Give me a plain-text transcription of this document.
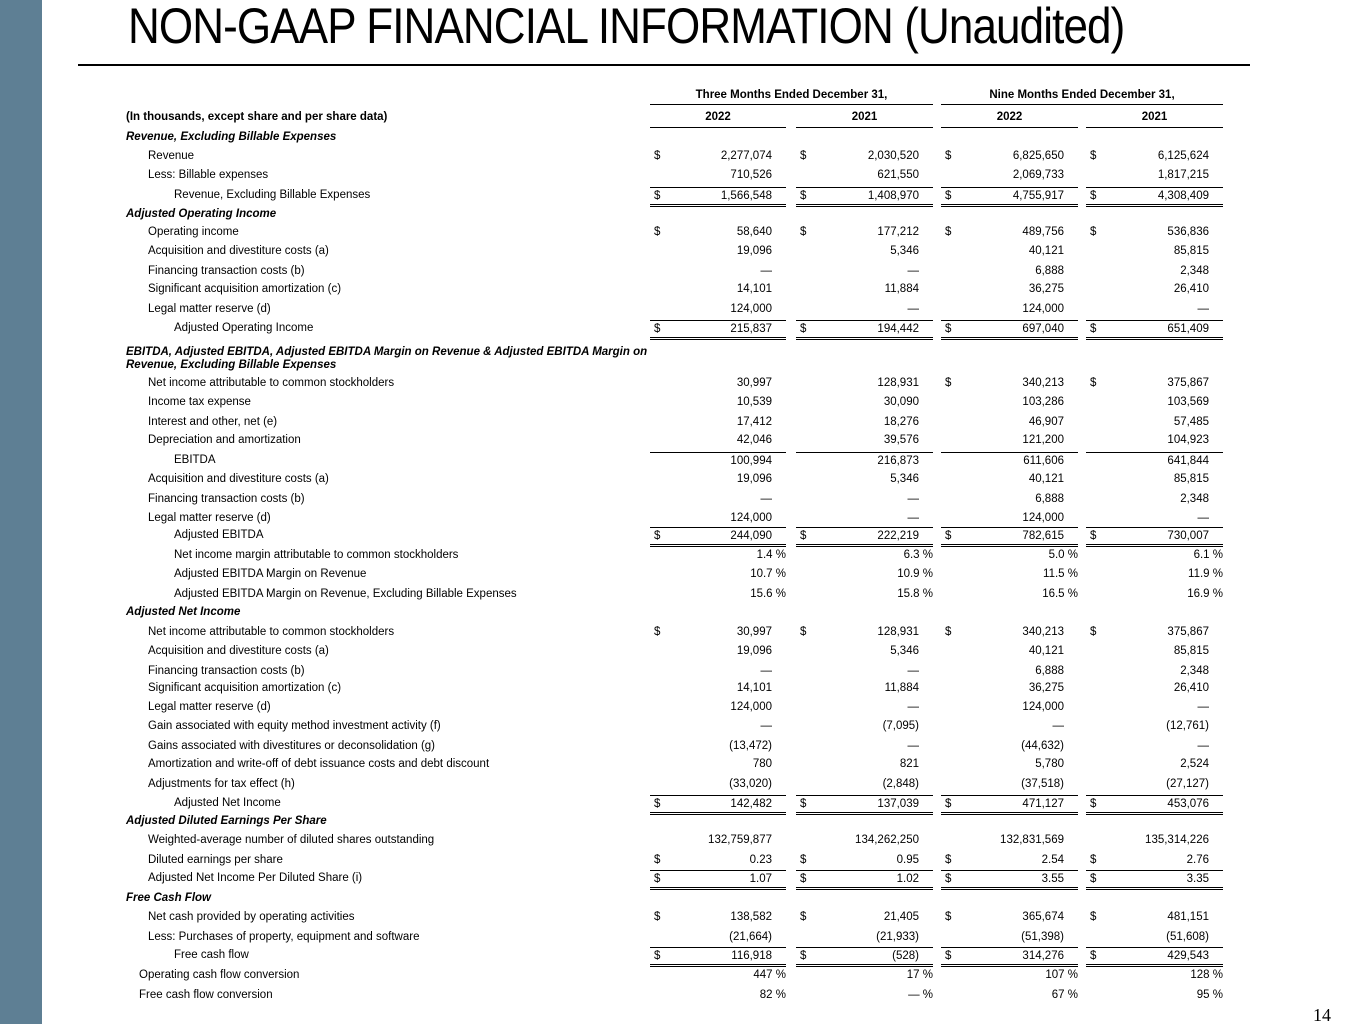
NON-GAAP FINANCIAL INFORMATION (Unaudited)
Three Months Ended December 31,	Nine Months Ended December 31,
(In thousands, except share and per share data)	2022	2021	2022	2021
Revenue, Excluding Billable Expenses
Revenue	$	2,277,074 $	2,030,520 $	6,825,650 $	6,125,624
Less: Billable expenses	710,526	621,550	2,069,733	1,817,215
Revenue, Excluding Billable Expenses	$	1,566,548 $	1,408,970 $	4,755,917 $	4,308,409
Adjusted Operating Income
Operating income	$	58,640 $	177,212 $	489,756 $	536,836
Acquisition and divestiture costs (a)	19,096	5,346	40,121	85,815
Financing transaction costs (b)	—	—	6,888	2,348
Significant acquisition amortization (c)	14,101	11,884	36,275	26,410
Legal matter reserve (d)	124,000	—	124,000	—
Adjusted Operating Income	$	215,837 $	194,442 $	697,040 $	651,409
EBITDA, Adjusted EBITDA, Adjusted EBITDA Margin on Revenue & Adjusted EBITDA Margin on
Revenue, Excluding Billable Expenses
Net income attributable to common stockholders	30,997	128,931 $	340,213 $	375,867
Income tax expense	10,539	30,090	103,286	103,569
Interest and other, net (e)	17,412	18,276	46,907	57,485
Depreciation and amortization	42,046	39,576	121,200	104,923
EBITDA	100,994	216,873	611,606	641,844
Acquisition and divestiture costs (a)	19,096	5,346	40,121	85,815
Financing transaction costs (b)	—	—	6,888	2,348
Legal matter reserve (d)	124,000	—	124,000	—
Adjusted EBITDA	$	244,090 $	222,219 $	782,615 $	730,007
Net income margin attributable to common stockholders	1.4 %	6.3 %	5.0 %	6.1 %
Adjusted EBITDA Margin on Revenue	10.7 %	10.9 %	11.5 %	11.9 %
Adjusted EBITDA Margin on Revenue, Excluding Billable Expenses	15.6 %	15.8 %	16.5 %	16.9 %
Adjusted Net Income
Net income attributable to common stockholders	$	30,997 $	128,931 $	340,213 $	375,867
Acquisition and divestiture costs (a)	19,096	5,346	40,121	85,815
Financing transaction costs (b)	—	—	6,888	2,348
Significant acquisition amortization (c)	14,101	11,884	36,275	26,410
Legal matter reserve (d)	124,000	—	124,000	—
Gain associated with equity method investment activity (f)	—	(7,095)	—	(12,761)
Gains associated with divestitures or deconsolidation (g)	(13,472)	—	(44,632)	—
Amortization and write-off of debt issuance costs and debt discount	780	821	5,780	2,524
Adjustments for tax effect (h)	(33,020)	(2,848)	(37,518)	(27,127)
Adjusted Net Income	$	142,482 $	137,039 $	471,127 $	453,076
Adjusted Diluted Earnings Per Share
Weighted-average number of diluted shares outstanding	132,759,877	134,262,250	132,831,569	135,314,226
Diluted earnings per share	$	0.23 $	0.95 $	2.54 $	2.76
Adjusted Net Income Per Diluted Share (i)	$	1.07 $	1.02 $	3.55 $	3.35
Free Cash Flow
Net cash provided by operating activities	$	138,582 $	21,405 $	365,674 $	481,151
Less: Purchases of property, equipment and software	(21,664)	(21,933)	(51,398)	(51,608)
Free cash flow	$	116,918 $	(528) $	314,276 $	429,543
Operating cash flow conversion	447 %	17 %	107 %	128 %
Free cash flow conversion	82 %	— %	67 %	95 %
14
